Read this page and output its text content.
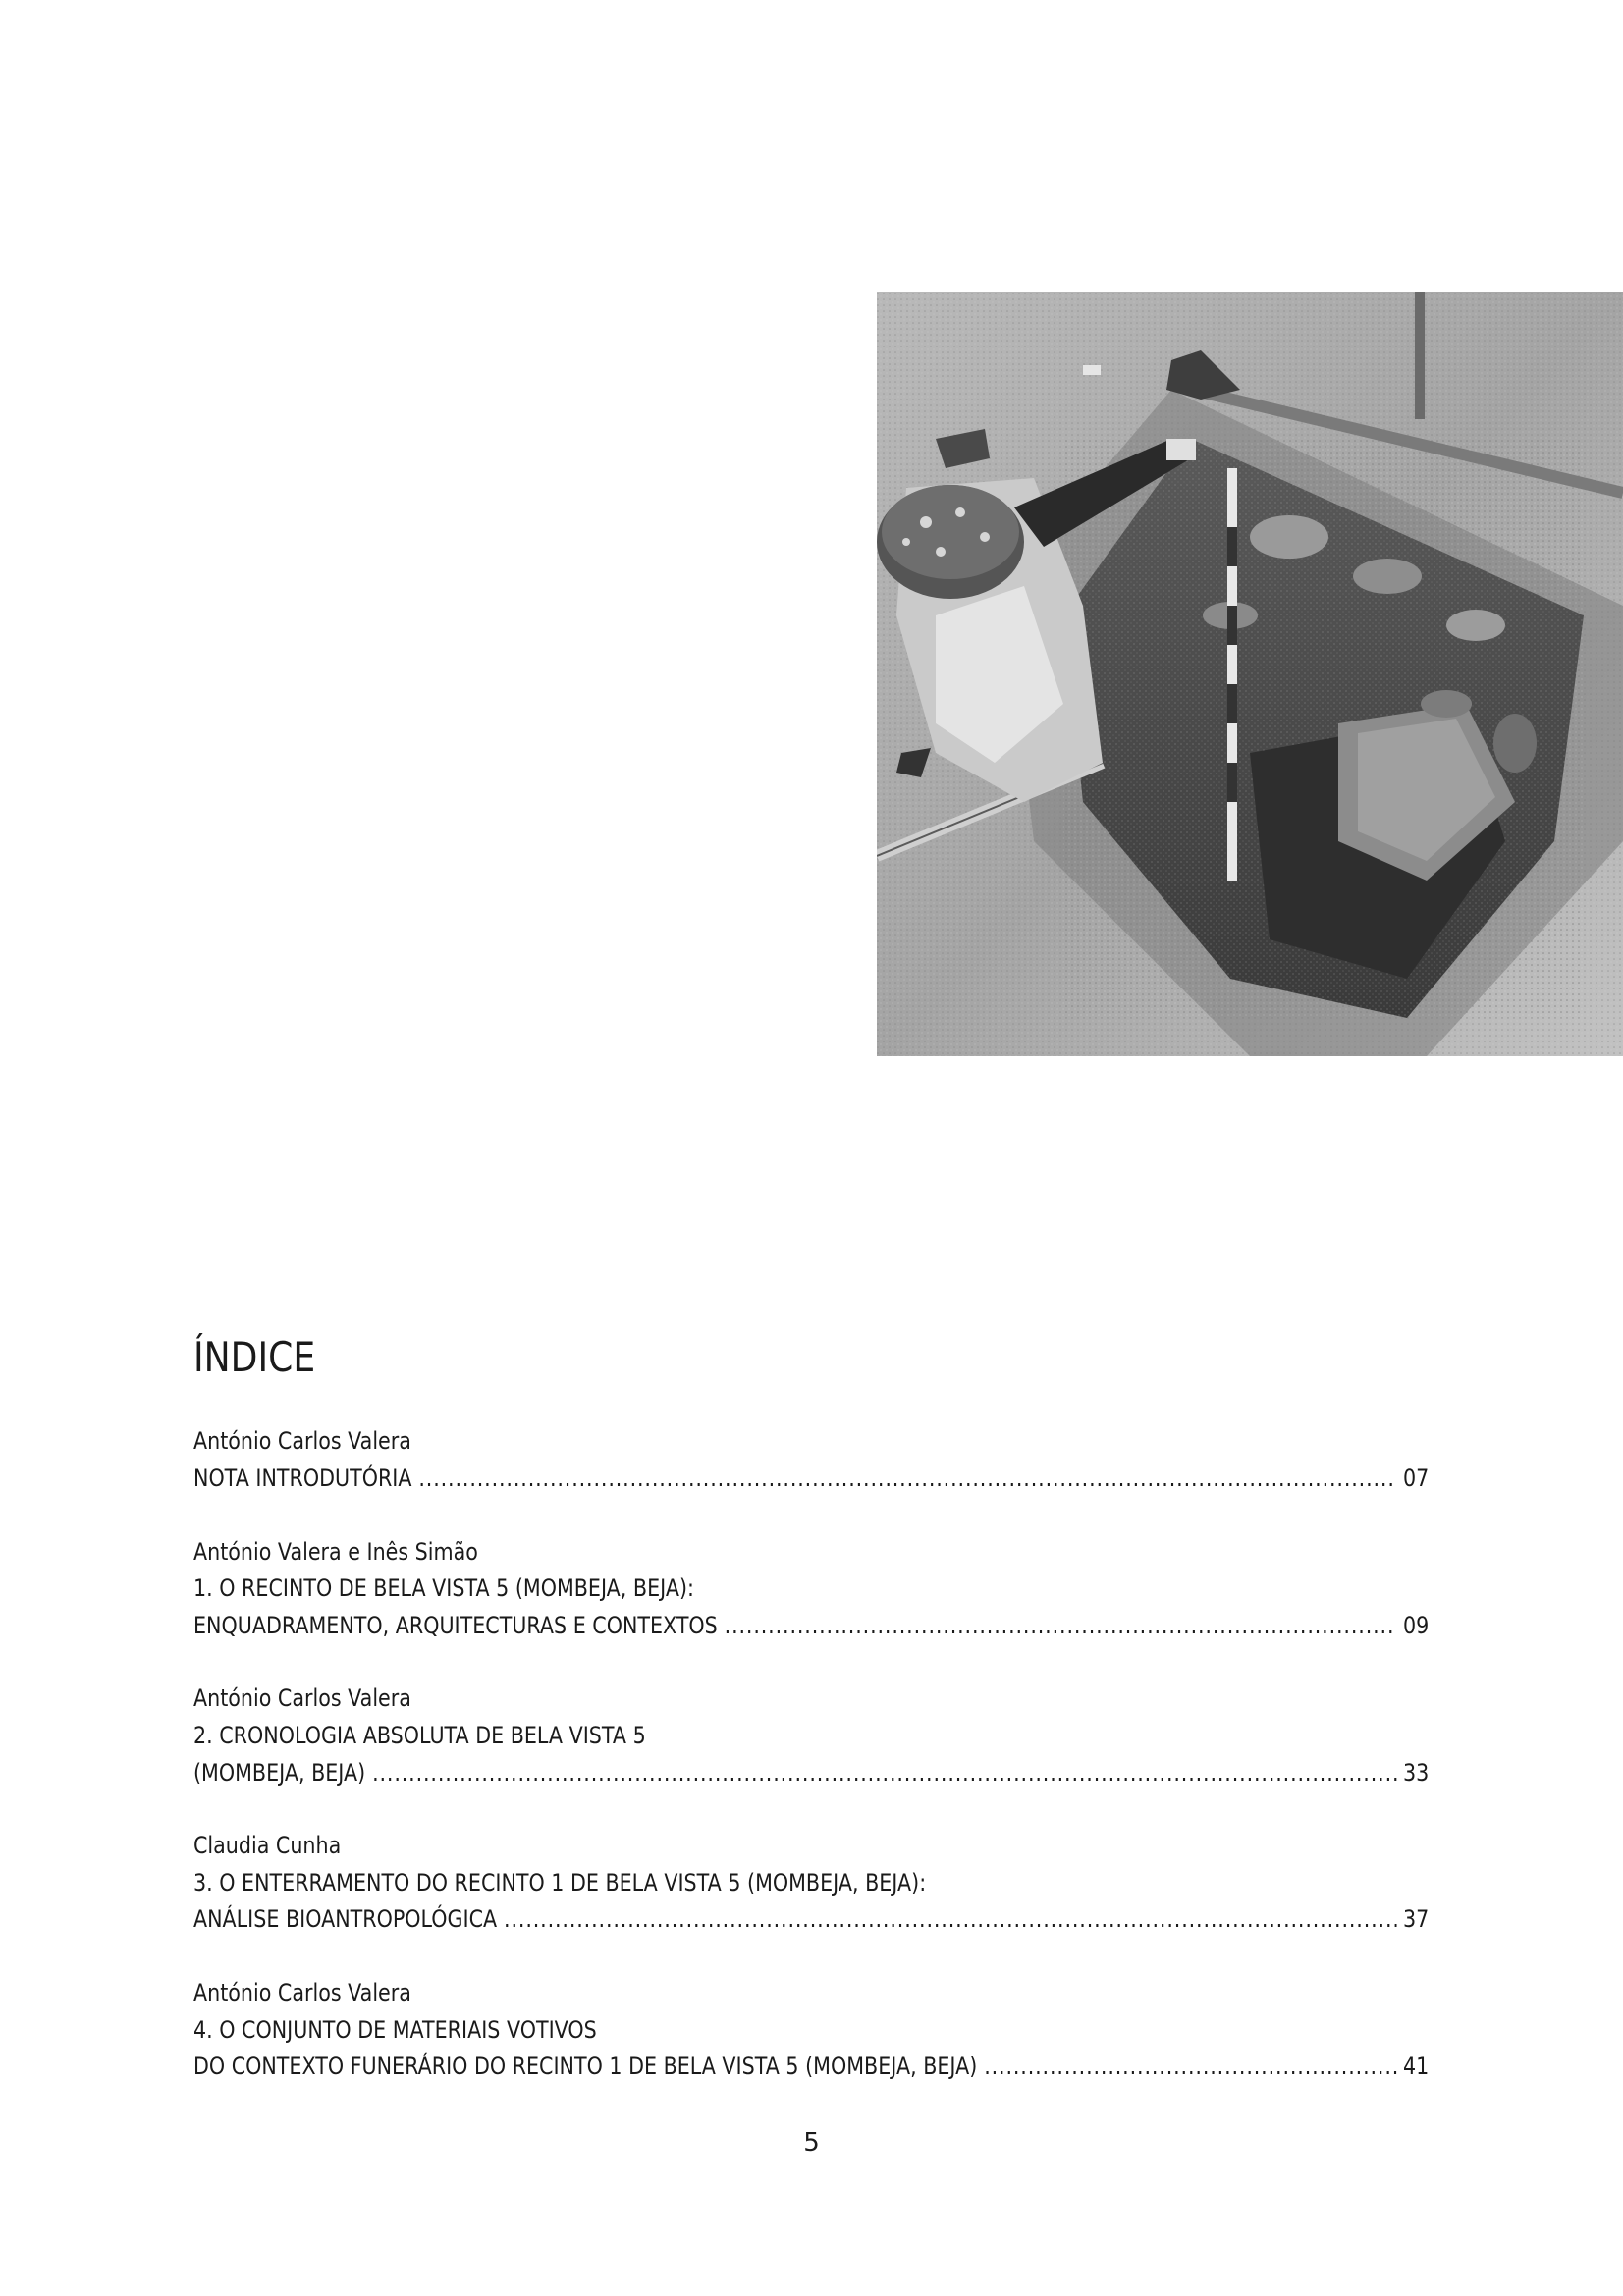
ÍNDICE
António Carlos Valera
NOTA INTRODUTÓRIA .....	07
António Valera e Inês Simão
1. O RECINTO DE BELA VISTA 5 (MOMBEJA, BEJA):
ENQUADRAMENTO, ARQUITECTURAS E CONTEXTOS .....	09
António Carlos Valera
2. CRONOLOGIA ABSOLUTA DE BELA VISTA 5
(MOMBEJA, BEJA) .....	33
Claudia Cunha
3. O ENTERRAMENTO DO RECINTO 1 DE BELA VISTA 5 (MOMBEJA, BEJA):
ANÁLISE BIOANTROPOLÓGICA .....	37
António Carlos Valera
4. O CONJUNTO DE MATERIAIS VOTIVOS
DO CONTEXTO FUNERÁRIO DO RECINTO 1 DE BELA VISTA 5 (MOMBEJA, BEJA) .....	41
5
